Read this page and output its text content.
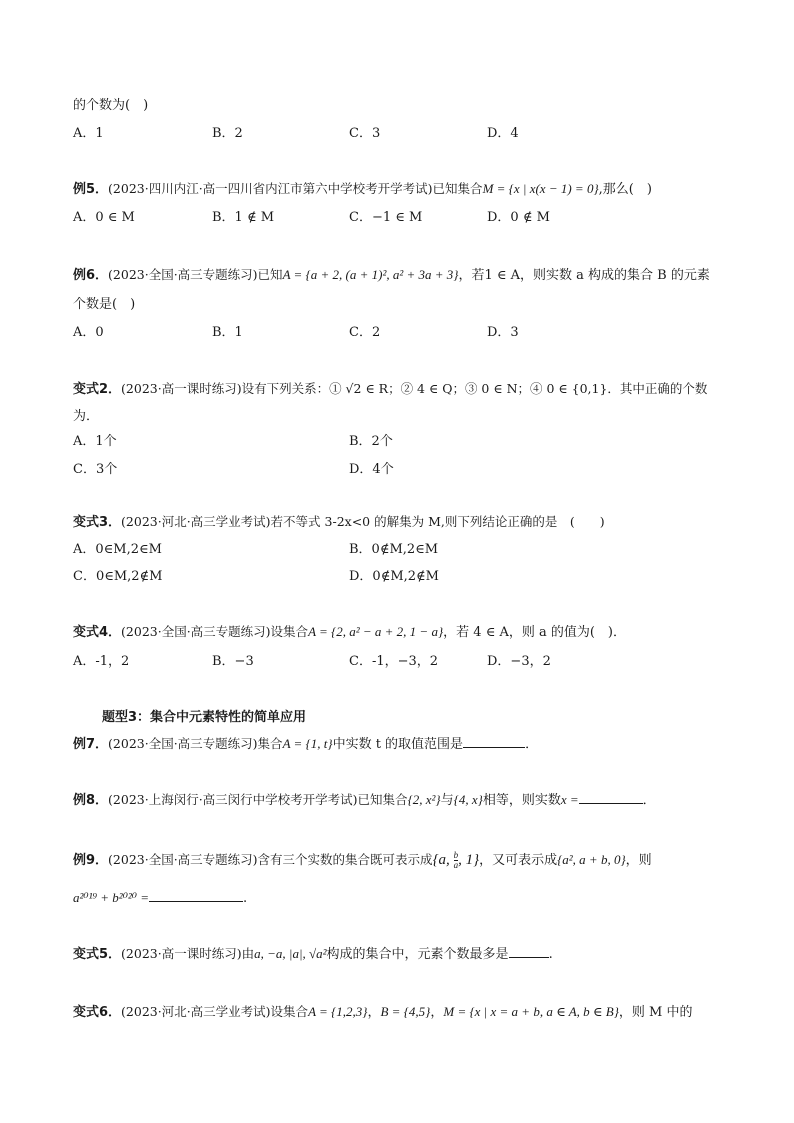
的个数为(　)
A．1	B．2	C．3	D．4
例5．(2023·四川内江·高一四川省内江市第六中学校考开学考试)已知集合M = {x | x(x − 1) = 0},那么(　)
A．0 ∈ M	B．1 ∉ M	C．−1 ∈ M	D．0 ∉ M
例6．(2023·全国·高三专题练习)已知A = {a + 2, (a + 1)², a² + 3a + 3}，若1 ∈ A，则实数 a 构成的集合 B 的元素
个数是(　)
A．0	B．1	C．2	D．3
变式2．(2023·高一课时练习)设有下列关系：① √2 ∈ R；② 4 ∈ Q；③ 0 ∈ N；④ 0 ∈ {0,1}．其中正确的个数
为．
A．1个	B．2个
C．3个	D．4个
变式3．(2023·河北·高三学业考试)若不等式 3-2x<0 的解集为 M,则下列结论正确的是　(　　)
A．0∈M,2∈M	B．0∉M,2∈M
C．0∈M,2∉M	D．0∉M,2∉M
变式4．(2023·全国·高三专题练习)设集合A = {2, a² − a + 2, 1 − a}，若 4 ∈ A，则 a 的值为(　)．
A．-1，2	B．−3	C．-1，−3，2	D．−3，2
题型3：集合中元素特性的简单应用
例7．(2023·全国·高三专题练习)集合A = {1, t}中实数 t 的取值范围是	．
例8．(2023·上海闵行·高三闵行中学校考开学考试)已知集合{2, x²}与{4, x}相等，则实数x =	．
例9．(2023·全国·高三专题练习)含有三个实数的集合既可表示成{a, $\frac{b}{a}$ , 1}，又可表示成{a², a + b, 0}，则
a²⁰¹⁹ + b²⁰²⁰ =	.
变式5．(2023·高一课时练习)由a, −a, |a|, √a²构成的集合中，元素个数最多是	.
变式6．(2023·河北·高三学业考试)设集合A = {1,2,3}，B = {4,5}，M = {x | x = a + b, a ∈ A, b ∈ B}，则 M 中的
